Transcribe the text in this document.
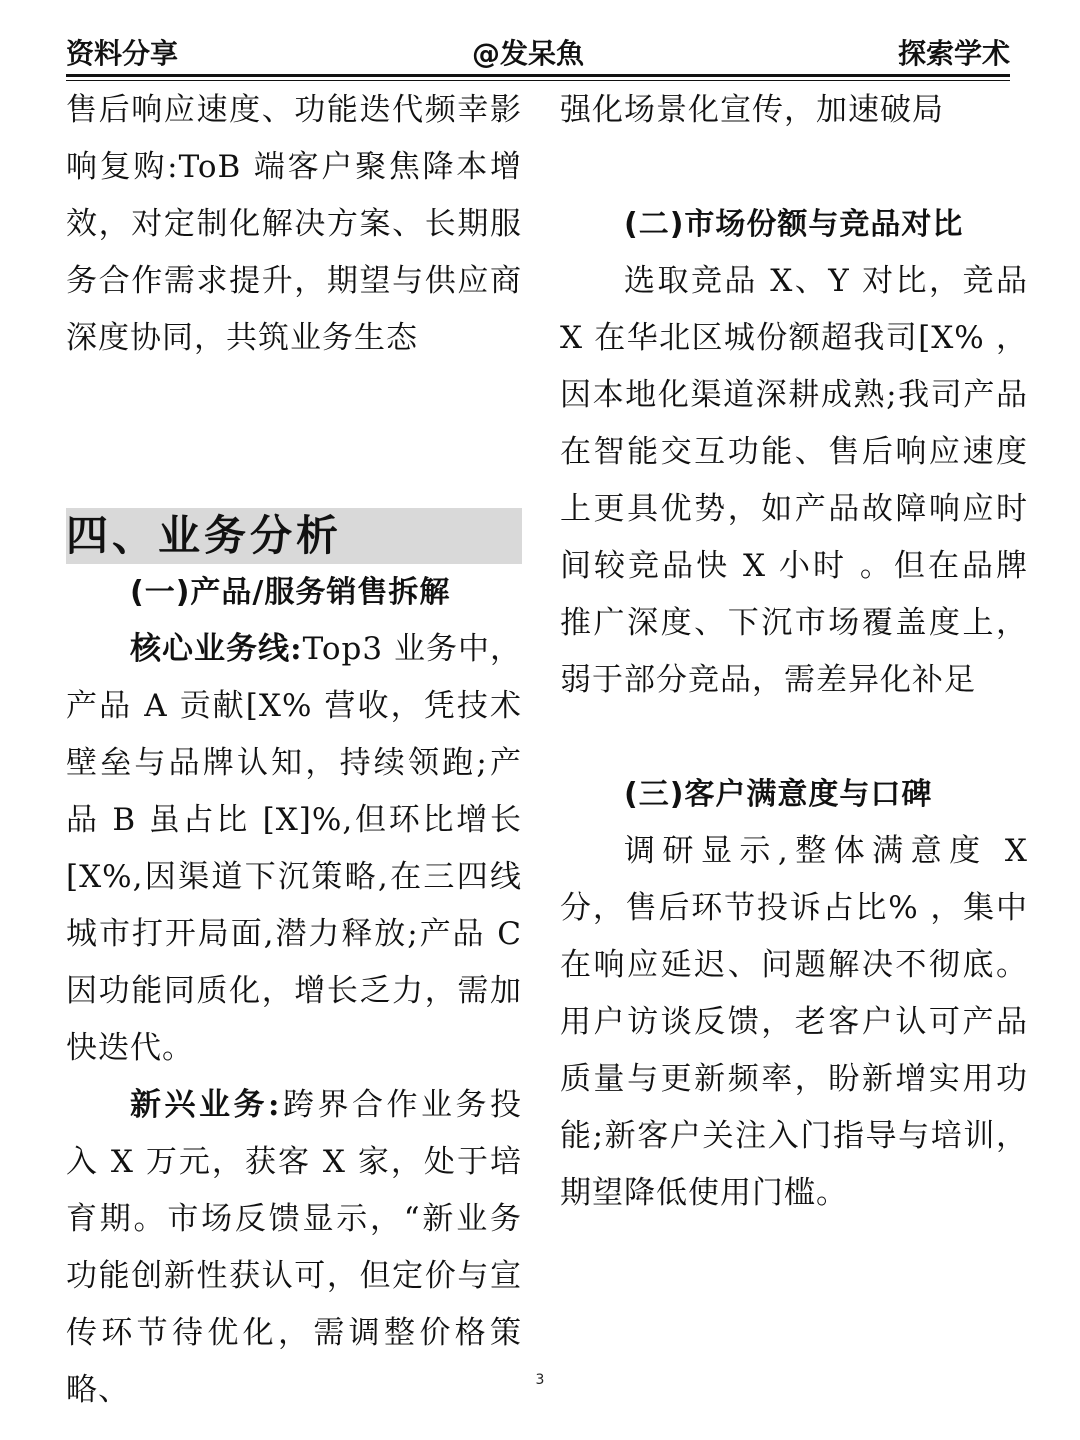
资料分享	@发呆魚	探索学术

售后响应速度、功能迭代频幸影响复购:ToB 端客户聚焦降本增效，对定制化解决方案、长期服务合作需求提升，期望与供应商深度协同，共筑业务生态

四、业务分析

(一)产品/服务销售拆解

核心业务线:Top3 业务中，产品 A 贡献[X% 营收，凭技术壁垒与品牌认知，持续领跑;产品 B 虽占比 [X]%,但环比增长[X%,因渠道下沉策略,在三四线城市打开局面,潜力释放;产品 C 因功能同质化，增长乏力，需加快迭代。

新兴业务:跨界合作业务投入 X 万元，获客 X 家，处于培育期。市场反馈显示，“新业务功能创新性获认可，但定价与宣传环节待优化，需调整价格策略、

强化场景化宣传，加速破局

(二)市场份额与竞品对比

选取竞品 X、Y 对比，竞品 X 在华北区城份额超我司[X% ，因本地化渠道深耕成熟;我司产品在智能交互功能、售后响应速度上更具优势，如产品故障响应时间较竞品快 X 小时 。但在品牌推广深度、下沉市场覆盖度上，弱于部分竞品，需差异化补足

(三)客户满意度与口碑

调研显示,整体满意度 X 分，售后环节投诉占比% ，集中在响应延迟、问题解决不彻底。用户访谈反馈，老客户认可产品质量与更新频率，盼新增实用功能;新客户关注入门指导与培训，期望降低使用门槛。

3
